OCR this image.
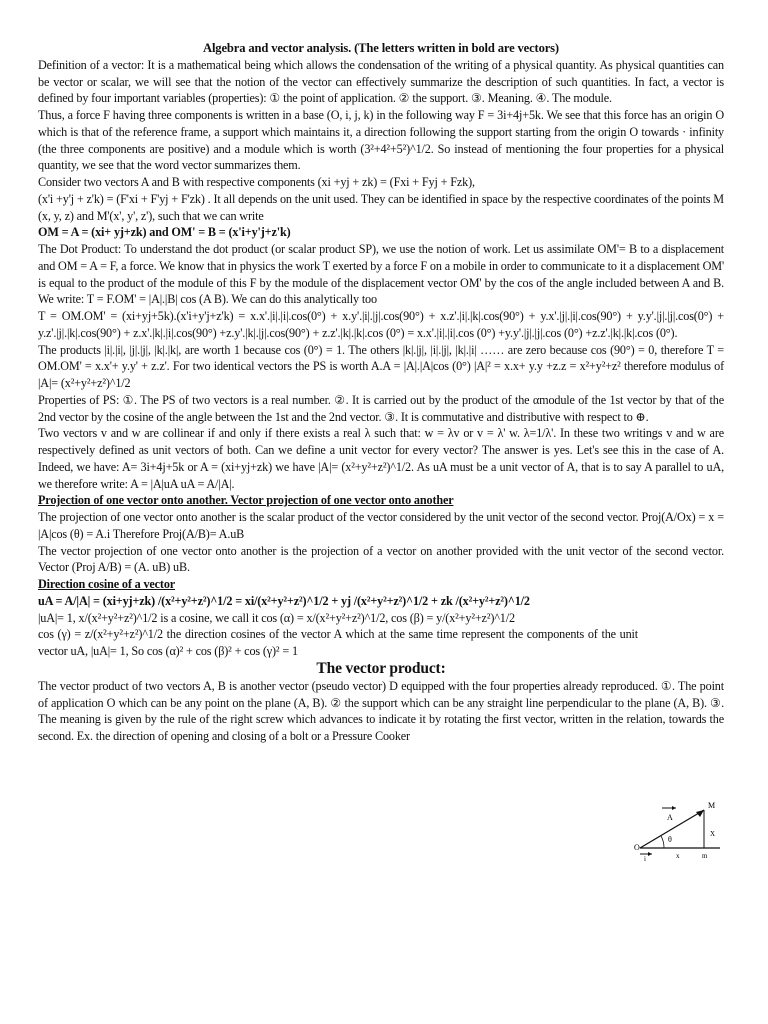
Algebra and vector analysis. (The letters written in bold are vectors)

Definition of a vector: It is a mathematical being which allows the condensation of the writing of a physical quantity. As physical quantities can be vector or scalar, we will see that the notion of the vector can effectively summarize the description of such quantities. In fact, a vector is defined by four important variables (properties): ① the point of application. ② the support. ③. Meaning. ④. The module.

Thus, a force F having three components is written in a base (O, i, j, k) in the following way F = 3i+4j+5k. We see that this force has an origin O which is that of the reference frame, a support which maintains it, a direction following the support starting from the origin O towards · infinity (the three components are positive) and a module which is worth (3²+4²+5²)^1/2. So instead of mentioning the four properties for a physical quantity, we see that the word vector summarizes them.

Consider two vectors A and B with respective components (xi +yj + zk) = (Fxi + Fyj + Fzk),

(x'i +y'j + z'k) = (F'xi + F'yj + F'zk) . It all depends on the unit used. They can be identified in space by the respective coordinates of the points M (x, y, z) and M'(x', y', z'), such that we can write

OM = A = (xi+ yj+zk) and OM' = B = (x'i+y'j+z'k)

The Dot Product: To understand the dot product (or scalar product SP), we use the notion of work. Let us assimilate OM'= B to a displacement and OM = A = F, a force. We know that in physics the work T exerted by a force F on a mobile in order to communicate to it a displacement OM' is equal to the product of the module of this F by the module of the displacement vector OM' by the cos of the angle included between A and B. We write: T = F.OM' = |A|.|B| cos (A B). We can do this analytically too

T = OM.OM' = (xi+yj+5k).(x'i+y'j+z'k) = x.x'.|i|.|i|.cos(0°) + x.y'.|i|.|j|.cos(90°) + x.z'.|i|.|k|.cos(90°) + y.x'.|j|.|i|.cos(90°) + y.y'.|j|.|j|.cos(0°) + y.z'.|j|.|k|.cos(90°) + z.x'.|k|.|i|.cos(90°) +z.y'.|k|.|j|.cos(90°) + z.z'.|k|.|k|.cos (0°) = x.x'.|i|.|i|.cos (0°) +y.y'.|j|.|j|.cos (0°) +z.z'.|k|.|k|.cos (0°).

The products |i|.|i|, |j|.|j|, |k|.|k|, are worth 1 because cos (0°) = 1. The others |k|.|j|, |i|.|j|, |k|.|i| …… are zero because cos (90°) = 0, therefore T = OM.OM' = x.x'+ y.y' + z.z'. For two identical vectors the PS is worth A.A = |A|.|A|cos (0°) |A|² = x.x+ y.y +z.z = x²+y²+z² therefore modulus of |A|= (x²+y²+z²)^1/2

Properties of PS: ①. The PS of two vectors is a real number. ②. It is carried out by the product of the αmodule of the 1st vector by that of the 2nd vector by the cosine of the angle between the 1st and the 2nd vector. ③. It is commutative and distributive with respect to ⊕.

Two vectors v and w are collinear if and only if there exists a real λ such that: w = λv or v = λ' w. λ=1/λ'. In these two writings v and w are respectively defined as unit vectors of both. Can we define a unit vector for every vector? The answer is yes. Let's see this in the case of A. Indeed, we have: A= 3i+4j+5k or A = (xi+yj+zk) we have |A|= (x²+y²+z²)^1/2. As uA must be a unit vector of A, that is to say A parallel to uA, we therefore write: A = |A|uA uA = A/|A|.

Projection of one vector onto another. Vector projection of one vector onto another

The projection of one vector onto another is the scalar product of the vector considered by the unit vector of the second vector. Proj(A/Ox) = x = |A|cos (θ) = A.i Therefore Proj(A/B)= A.uB

The vector projection of one vector onto another is the projection of a vector on another provided with the unit vector of the second vector. Vector (Proj A/B) = (A. uB) uB.

Direction cosine of a vector

uA = A/|A| = (xi+yj+zk) /(x²+y²+z²)^1/2 = xi/(x²+y²+z²)^1/2 + yj /(x²+y²+z²)^1/2 + zk /(x²+y²+z²)^1/2

|uA|= 1, x/(x²+y²+z²)^1/2 is a cosine, we call it cos (α) = x/(x²+y²+z²)^1/2, cos (β) = y/(x²+y²+z²)^1/2

cos (γ) = z/(x²+y²+z²)^1/2 the direction cosines of the vector A which at the same time represent the components of the unit vector uA, |uA|= 1, So cos (α)² + cos (β)² + cos (γ)² = 1

The vector product:

The vector product of two vectors A, B is another vector (pseudo vector) D equipped with the four properties already reproduced. ①. The point of application O which can be any point on the plane (A, B). ② the support which can be any straight line perpendicular to the plane (A, B). ③. The meaning is given by the rule of the right screw which advances to indicate it by rotating the first vector, written in the relation, towards the second. Ex. the direction of opening and closing of a bolt or a Pressure Cooker

M
A
θ
O
i	x	m
X
